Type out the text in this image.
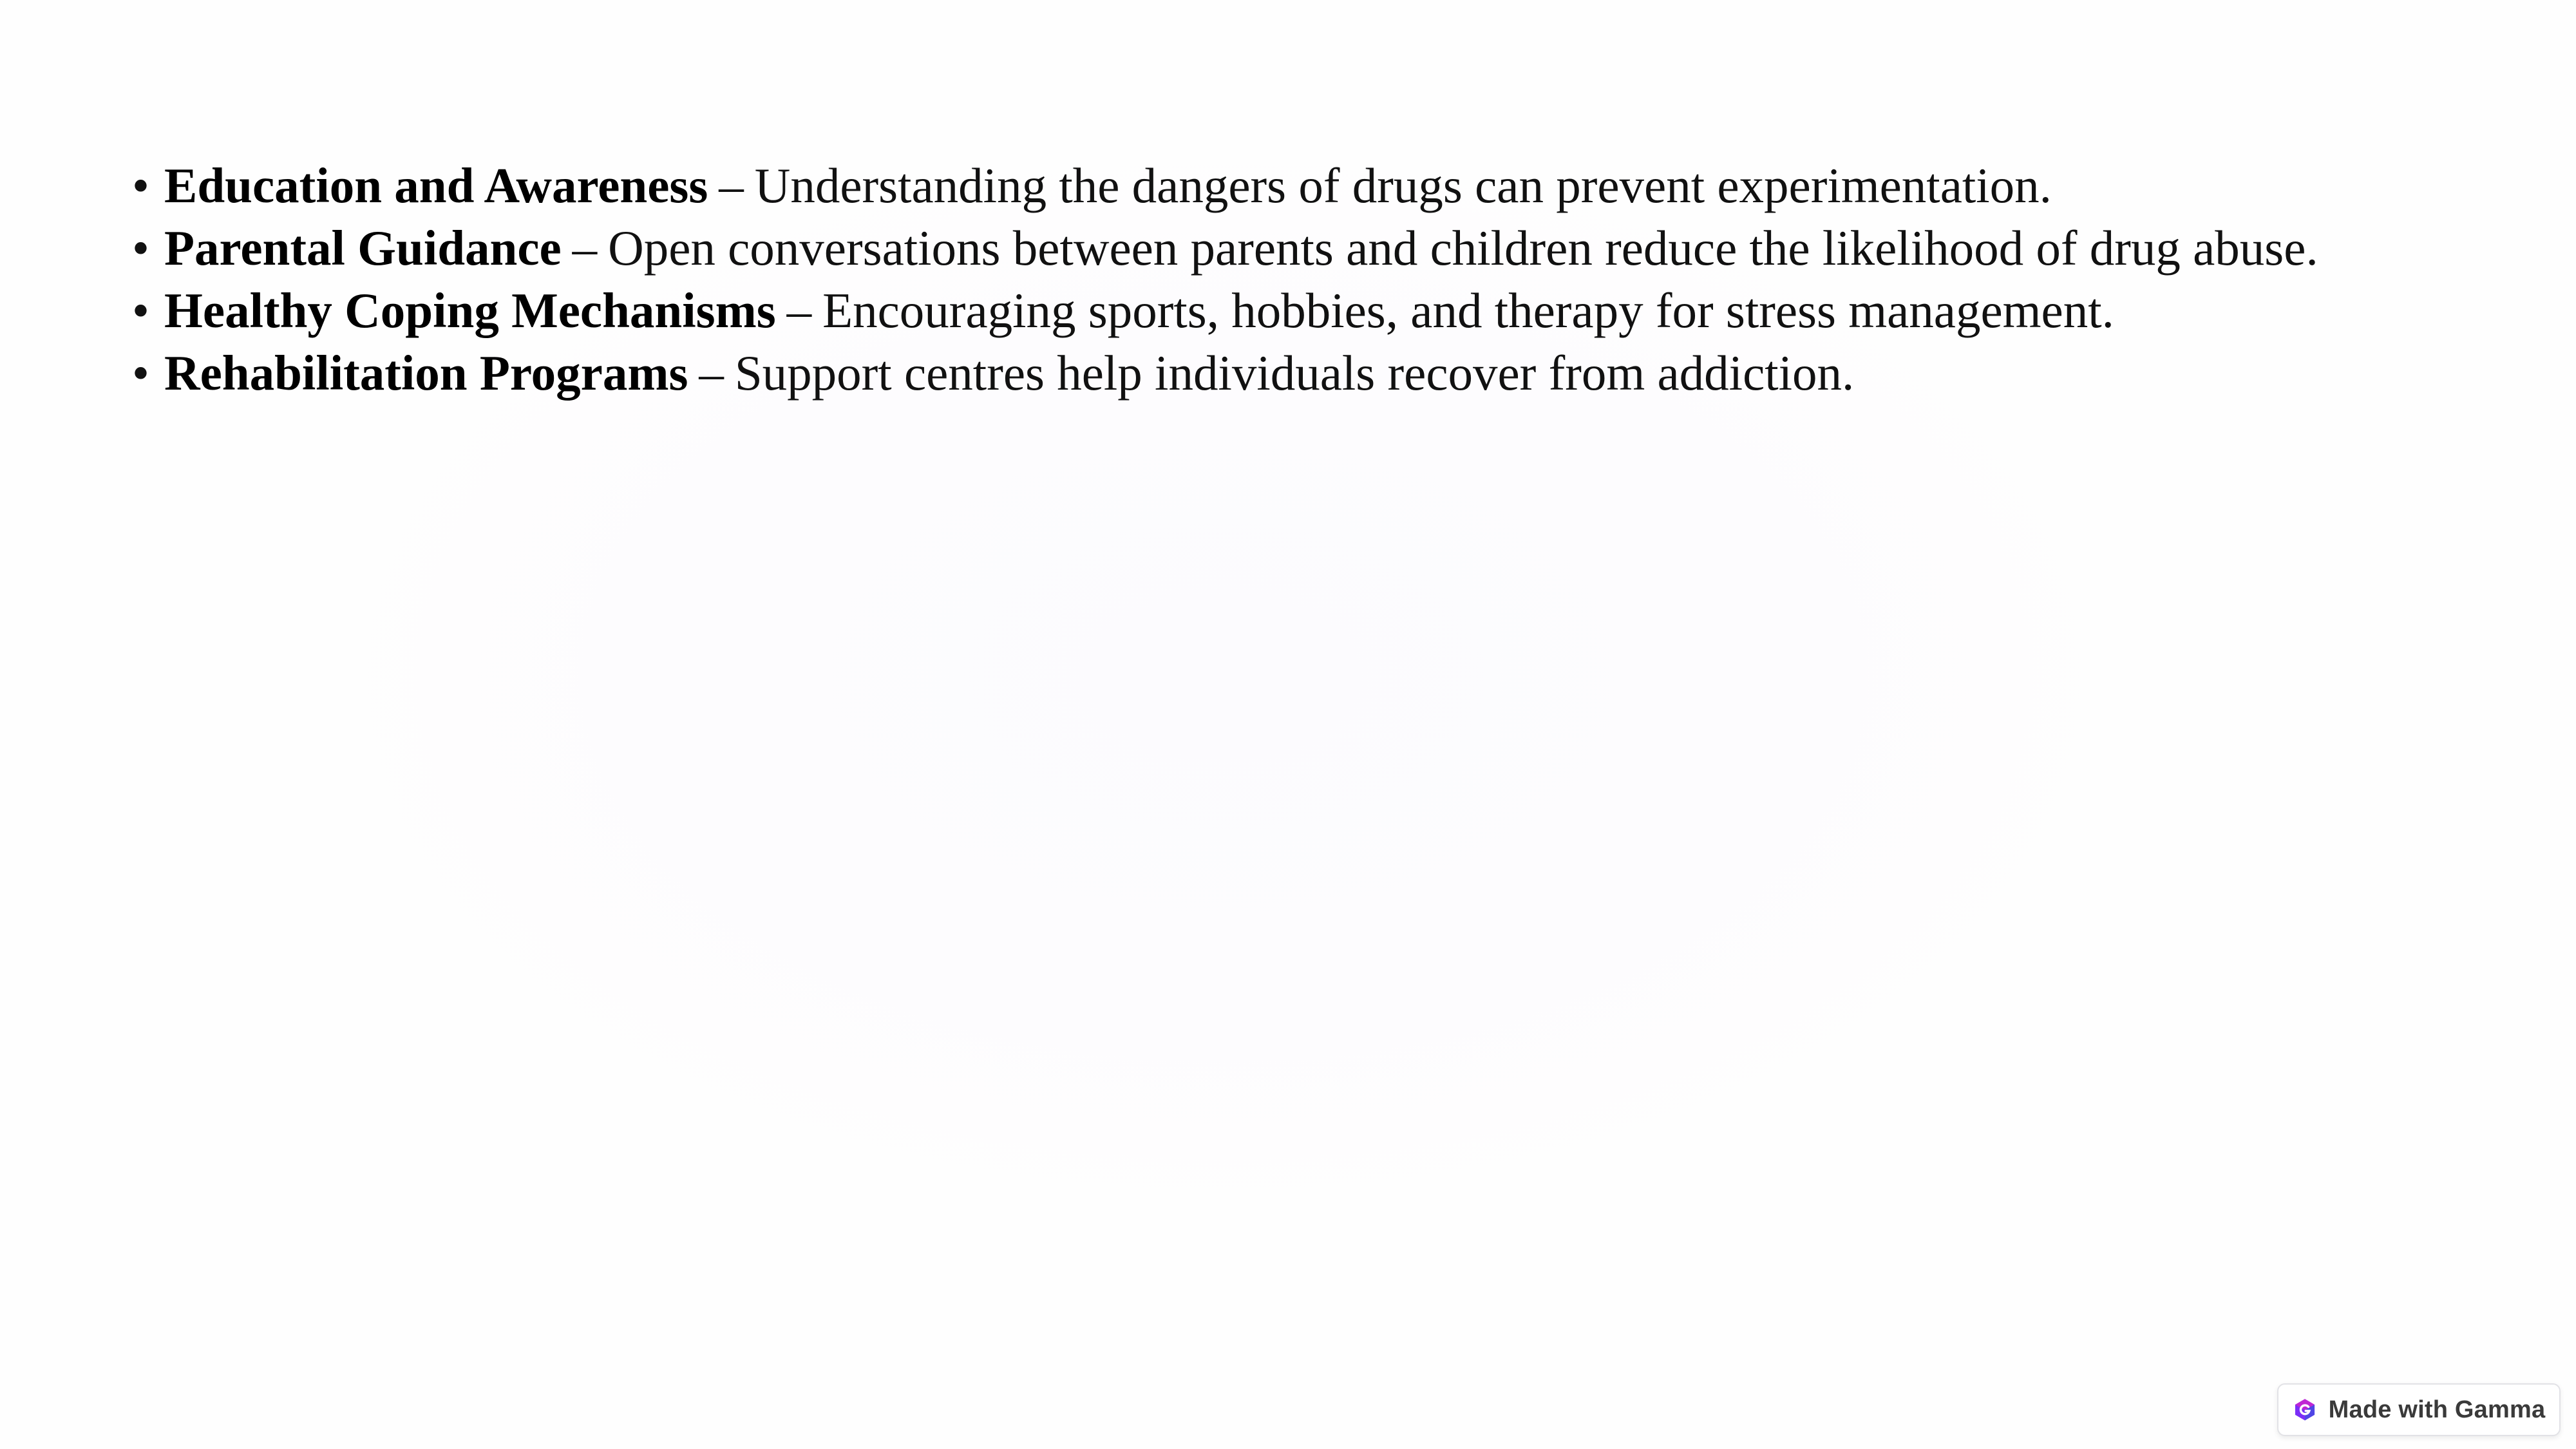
• Education and Awareness – Understanding the dangers of drugs can prevent experimentation.
• Parental Guidance – Open conversations between parents and children reduce the likelihood of drug abuse.
• Healthy Coping Mechanisms – Encouraging sports, hobbies, and therapy for stress management.
• Rehabilitation Programs – Support centres help individuals recover from addiction.
Made with Gamma
